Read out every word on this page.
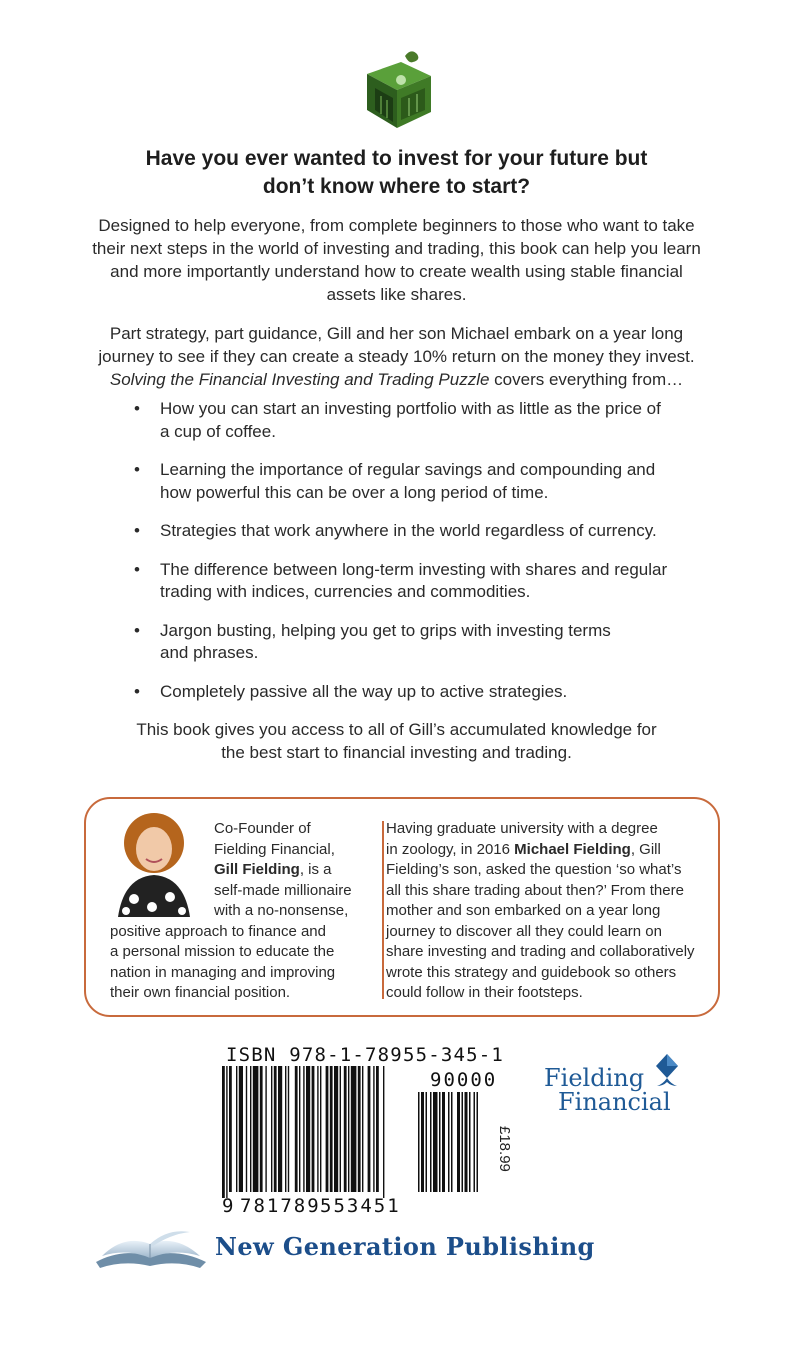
Have you ever wanted to invest for your future but
don’t know where to start?
Designed to help everyone, from complete beginners to those who want to take
their next steps in the world of investing and trading, this book can help you learn
and more importantly understand how to create wealth using stable financial
assets like shares.
Part strategy, part guidance, Gill and her son Michael embark on a year long
journey to see if they can create a steady 10% return on the money they invest.
Solving the Financial Investing and Trading Puzzle covers everything from…
• How you can start an investing portfolio with as little as the price of
a cup of coffee.
• Learning the importance of regular savings and compounding and
how powerful this can be over a long period of time.
• Strategies that work anywhere in the world regardless of currency.
• The difference between long-term investing with shares and regular
trading with indices, currencies and commodities.
• Jargon busting, helping you get to grips with investing terms
and phrases.
• Completely passive all the way up to active strategies.
This book gives you access to all of Gill’s accumulated knowledge for
the best start to financial investing and trading.
Co-Founder of
Fielding Financial,
Gill Fielding, is a
self-made millionaire
with a no-nonsense,
positive approach to finance and
a personal mission to educate the
nation in managing and improving
their own financial position.
Having graduate university with a degree
in zoology, in 2016 Michael Fielding, Gill
Fielding’s son, asked the question ‘so what’s
all this share trading about then?’ From there
mother and son embarked on a year long
journey to discover all they could learn on
share investing and trading and collaboratively
wrote this strategy and guidebook so others
could follow in their footsteps.
ISBN 978-1-78955-345-1
9 781789 553451
90000
£18.99
Fielding
Financial
New Generation Publishing
